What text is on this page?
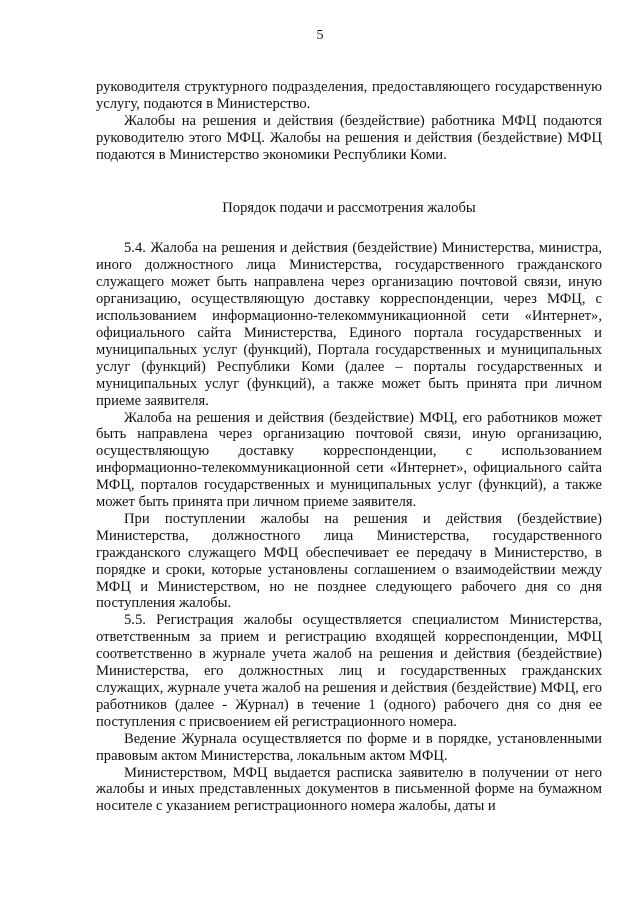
5

руководителя структурного подразделения, предоставляющего государственную услугу, подаются в Министерство.

Жалобы на решения и действия (бездействие) работника МФЦ подаются руководителю этого МФЦ. Жалобы на решения и действия (бездействие) МФЦ подаются в Министерство экономики Республики Коми.

Порядок подачи и рассмотрения жалобы

5.4. Жалоба на решения и действия (бездействие) Министерства, министра, иного должностного лица Министерства, государственного гражданского служащего может быть направлена через организацию почтовой связи, иную организацию, осуществляющую доставку корреспонденции, через МФЦ, с использованием информационно-телекоммуникационной сети «Интернет», официального сайта Министерства, Единого портала государственных и муниципальных услуг (функций), Портала государственных и муниципальных услуг (функций) Республики Коми (далее – порталы государственных и муниципальных услуг (функций), а также может быть принята при личном приеме заявителя.

Жалоба на решения и действия (бездействие) МФЦ, его работников может быть направлена через организацию почтовой связи, иную организацию, осуществляющую доставку корреспонденции, с использованием информационно-телекоммуникационной сети «Интернет», официального сайта МФЦ, порталов государственных и муниципальных услуг (функций), а также может быть принята при личном приеме заявителя.

При поступлении жалобы на решения и действия (бездействие) Министерства, должностного лица Министерства, государственного гражданского служащего МФЦ обеспечивает ее передачу в Министерство, в порядке и сроки, которые установлены соглашением о взаимодействии между МФЦ и Министерством, но не позднее следующего рабочего дня со дня поступления жалобы.

5.5. Регистрация жалобы осуществляется специалистом Министерства, ответственным за прием и регистрацию входящей корреспонденции, МФЦ соответственно в журнале учета жалоб на решения и действия (бездействие) Министерства, его должностных лиц и государственных гражданских служащих, журнале учета жалоб на решения и действия (бездействие) МФЦ, его работников (далее - Журнал) в течение 1 (одного) рабочего дня со дня ее поступления с присвоением ей регистрационного номера.

Ведение Журнала осуществляется по форме и в порядке, установленными правовым актом Министерства, локальным актом МФЦ.

Министерством, МФЦ выдается расписка заявителю в получении от него жалобы и иных представленных документов в письменной форме на бумажном носителе с указанием регистрационного номера жалобы, даты и
